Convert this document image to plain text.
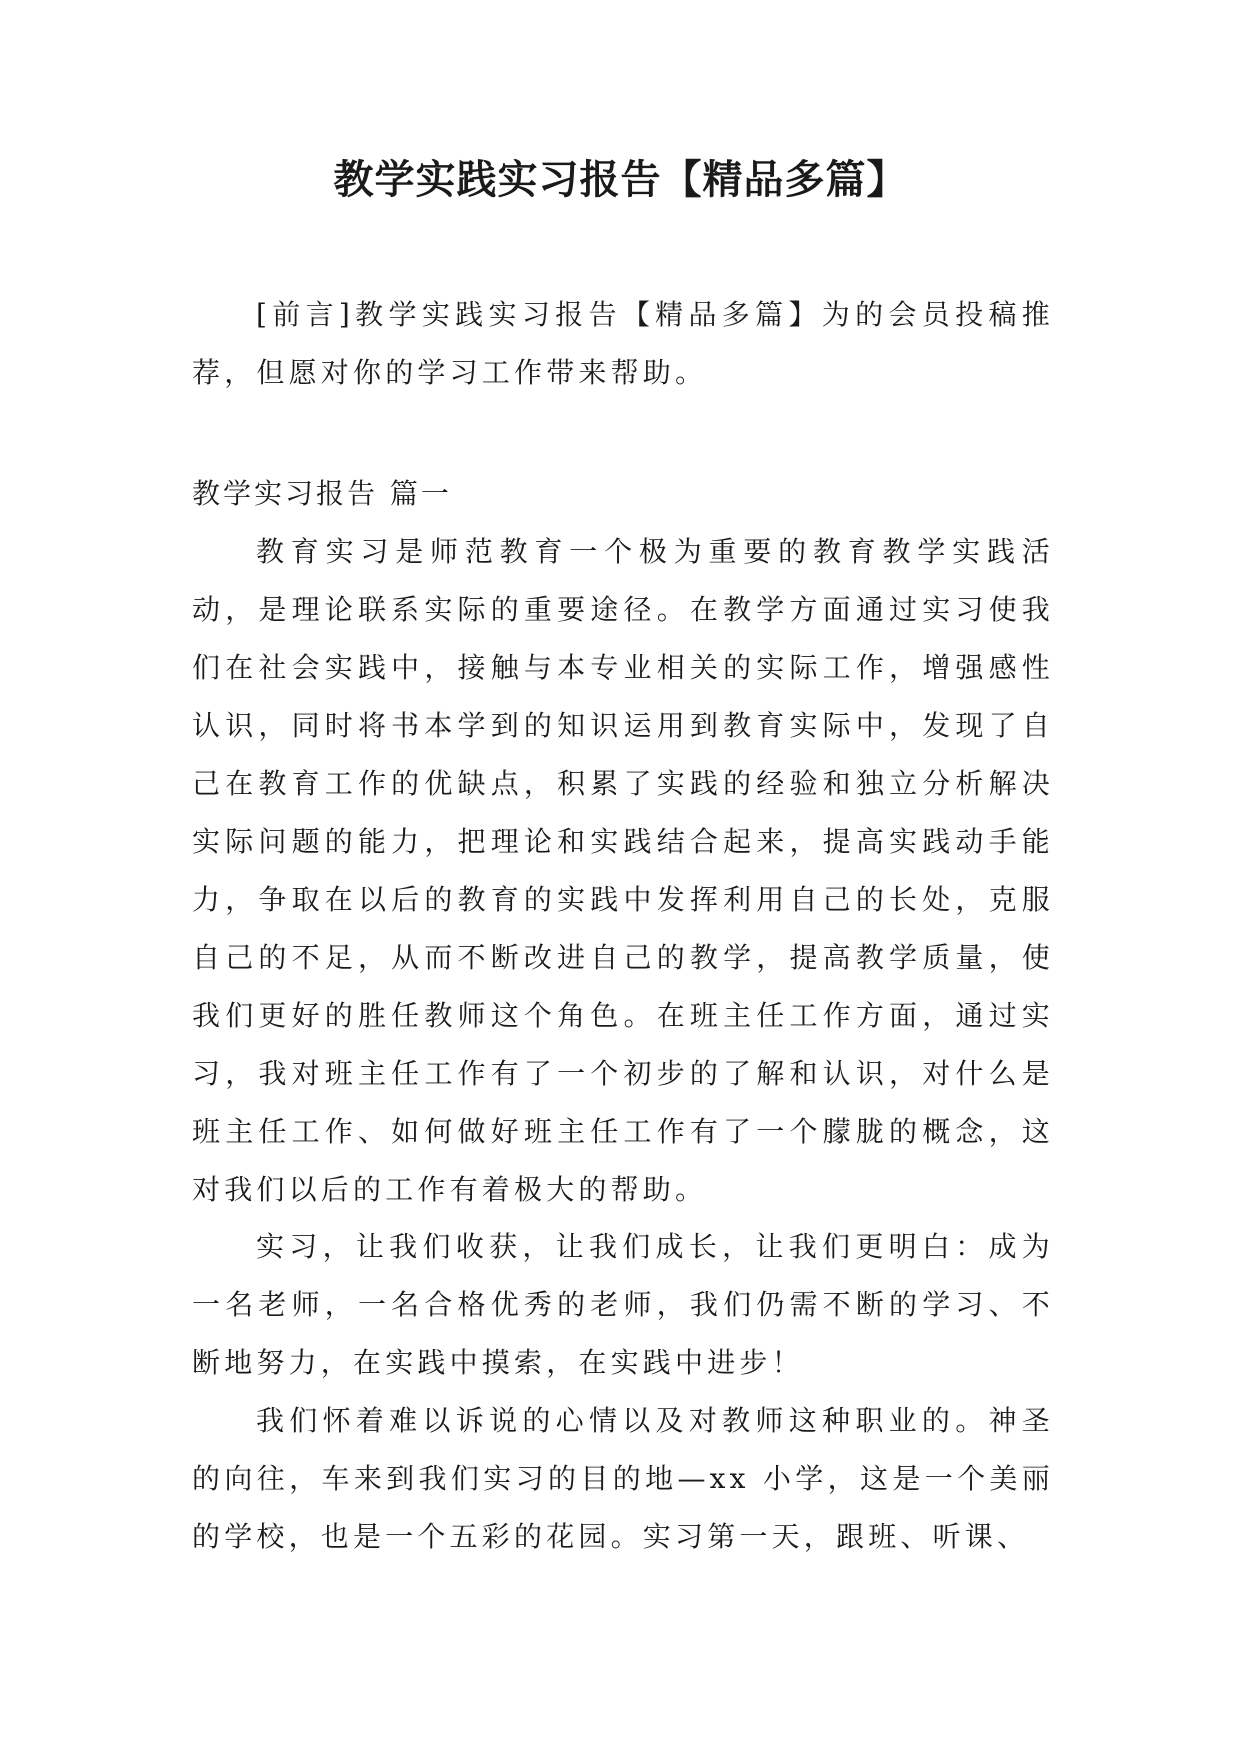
教学实践实习报告【精品多篇】

[前言]教学实践实习报告【精品多篇】为的会员投稿推荐，但愿对你的学习工作带来帮助。

教学实习报告 篇一

教育实习是师范教育一个极为重要的教育教学实践活动，是理论联系实际的重要途径。在教学方面通过实习使我们在社会实践中，接触与本专业相关的实际工作，增强感性认识，同时将书本学到的知识运用到教育实际中，发现了自己在教育工作的优缺点，积累了实践的经验和独立分析解决实际问题的能力，把理论和实践结合起来，提高实践动手能力，争取在以后的教育的实践中发挥利用自己的长处，克服自己的不足，从而不断改进自己的教学，提高教学质量，使我们更好的胜任教师这个角色。在班主任工作方面，通过实习，我对班主任工作有了一个初步的了解和认识，对什么是班主任工作、如何做好班主任工作有了一个朦胧的概念，这对我们以后的工作有着极大的帮助。

实习，让我们收获，让我们成长，让我们更明白：成为一名老师，一名合格优秀的老师，我们仍需不断的学习、不断地努力，在实践中摸索，在实践中进步！

我们怀着难以诉说的心情以及对教师这种职业的。神圣的向往，车来到我们实习的目的地—xx 小学，这是一个美丽的学校，也是一个五彩的花园。实习第一天，跟班、听课、
